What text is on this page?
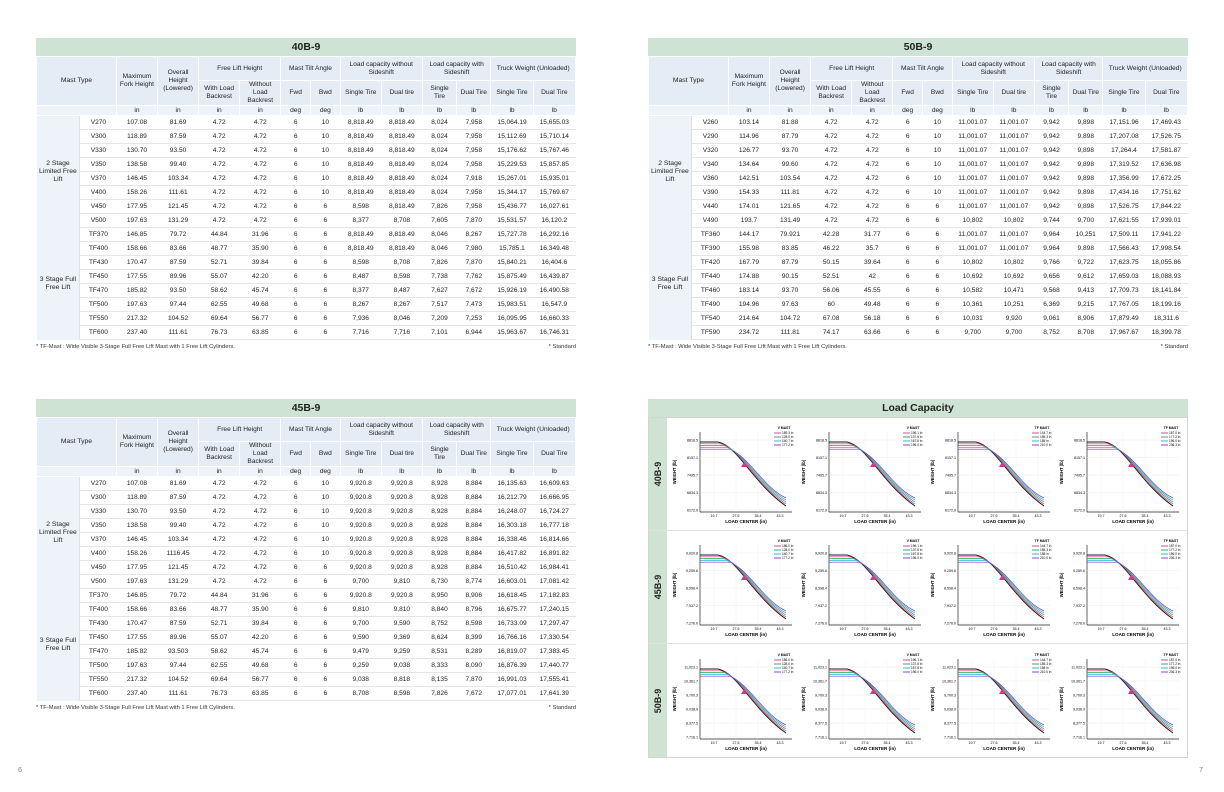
40B-9
Mast Type		Maximum Fork Height	Overall Height (Lowered)	Free Lift Height		Mast Tilt Angle		Load capacity without Sideshift		Load capacity with Sideshift		Truck Weight (Unloaded)	
				With Load Backrest	Without Load Backrest	Fwd	Bwd	Single Tire	Dual tire	Single Tire	Dual Tire	Single Tire	Dual Tire
		in	in	in	in	deg	deg	lb	lb	lb	lb	lb	lb
2 Stage Limited Free Lift	V270	107.08	81.69	4.72	4.72	6	10	8,818.49	8,818.49	8,024	7,958	15,064.19	15,655.03
	V300	118.89	87.59	4.72	4.72	6	10	8,818.49	8,818.49	8,024	7,958	15,112.69	15,710.14
	V330	130.70	93.50	4.72	4.72	6	10	8,818.49	8,818.49	8,024	7,958	15,176.62	15,767.46
	V350	138.58	99.40	4.72	4.72	6	10	8,818.49	8,818.49	8,024	7,958	15,229.53	15,857.85
	V370	146.45	103.34	4.72	4.72	6	10	8,818.49	8,818.49	8,024	7,918	15,267.01	15,935.01
	V400	158.26	111.61	4.72	4.72	6	10	8,818.49	8,818.49	8,024	7,958	15,344.17	15,769.67
	V450	177.95	121.45	4.72	4.72	6	6	8,598	8,818.49	7,826	7,958	15,436.77	16,027.61
	V500	197.63	131.29	4.72	4.72	6	6	8,377	8,708	7,605	7,870	15,531.57	16,120.2
3 Stage Full Free Lift	TF370	146.85	79.72	44.84	31.96	6	6	8,818.49	8,818.49	8,046	8,267	15,727.78	16,292.16
	TF400	158.66	83.66	48.77	35.90	6	6	8,818.49	8,818.49	8,046	7,980	15,785.1	16,349.48
	TF430	170.47	87.59	52.71	39.84	6	6	8,598	8,708	7,826	7,870	15,840.21	16,404.6
	TF450	177.55	89.96	55.07	42.20	6	6	8,487	8,598	7,738	7,762	15,875.49	16,439.87
	TF470	185.82	93.50	58.62	45.74	6	6	8,377	8,487	7,627	7,672	15,926.19	16,490.58
	TF500	197.63	97.44	62.55	49.68	6	6	8,267	8,267	7,517	7,473	15,983.51	16,547.9
	TF550	217.32	104.52	69.64	56.77	6	6	7,936	8,046	7,209	7,253	16,095.95	16,660.33
	TF600	237.40	111.61	76.73	63.85	6	6	7,716	7,716	7,101	6,944	15,963.67	16,746.31
* TF-Mast : Wide Visible 3-Stage Full Free Lift Mast with 1 Free Lift Cylinders.	* Standard
50B-9
Mast Type		Maximum Fork Height	Overall Height (Lowered)	Free Lift Height		Mast Tilt Angle		Load capacity without Sideshift		Load capacity with Sideshift		Truck Weight (Unloaded)	
				With Load Backrest	Without Load Backrest	Fwd	Bwd	Single Tire	Dual tire	Single Tire	Dual Tire	Single Tire	Dual Tire
		in	in	in	in	deg	deg	lb	lb	lb	lb	lb	lb
2 Stage Limited Free Lift	V260	103.14	81.88	4.72	4.72	6	10	11,001.07	11,001.07	9,942	9,898	17,151.96	17,469.43
	V290	114.96	87.79	4.72	4.72	6	10	11,001.07	11,001.07	9,942	9,898	17,207.08	17,526.75
	V320	126.77	93.70	4.72	4.72	6	10	11,001.07	11,001.07	9,942	9,898	17,264.4	17,581.87
	V340	134.64	99.60	4.72	4.72	6	10	11,001.07	11,001.07	9,942	9,898	17,319.52	17,636.98
	V360	142.51	103.54	4.72	4.72	6	10	11,001.07	11,001.07	9,942	9,898	17,356.99	17,672.25
	V390	154.33	111.81	4.72	4.72	6	10	11,001.07	11,001.07	9,942	9,898	17,434.16	17,751.62
	V440	174.01	121.65	4.72	4.72	6	6	11,001.07	11,001.07	9,942	9,898	17,526.75	17,844.22
	V490	193.7	131.49	4.72	4.72	6	6	10,802	10,802	9,744	9,700	17,621.55	17,939.01
3 Stage Full Free Lift	TF360	144.17	79.921	42.28	31.77	6	6	11,001.07	11,001.07	9,964	10,251	17,509.11	17,941.22
	TF390	155.98	83.85	46.22	35.7	6	6	11,001.07	11,001.07	9,964	9,898	17,566.43	17,998.54
	TF420	167.79	87.79	50.15	39.64	6	6	10,802	10,802	9,766	9,722	17,623.75	18,055.86
	TF440	174.88	90.15	52.51	42	6	6	10,692	10,692	9,656	9,612	17,659.03	18,088.93
	TF460	183.14	93.70	56.06	45.55	6	6	10,582	10,471	9,568	9,413	17,709.73	18,141.84
	TF490	194.96	97.63	60	49.48	6	6	10,361	10,251	6,369	9,215	17,767.05	18,199.16
	TF540	214.64	104.72	67.08	56.18	6	6	10,031	9,920	9,061	8,906	17,879.49	18,311.6
	TF590	234.72	111.81	74.17	63.66	6	6	9,700	9,700	8,752	8,708	17,967.67	18,399.78
* TF-Mast : Wide Visible 3-Stage Full Free Lift Mast with 1 Free Lift Cylinders.	* Standard
45B-9
Mast Type		Maximum Fork Height	Overall Height (Lowered)	Free Lift Height		Mast Tilt Angle		Load capacity without Sideshift		Load capacity with Sideshift		Truck Weight (Unloaded)	
				With Load Backrest	Without Load Backrest	Fwd	Bwd	Single Tire	Dual tire	Single Tire	Dual Tire	Single Tire	Dual Tire
		in	in	in	in	deg	deg	lb	lb	lb	lb	lb	lb
2 Stage Limited Free Lift	V270	107.08	81.69	4.72	4.72	6	10	9,920.8	9,920.8	8,928	8,884	16,135.63	16,609.63
	V300	118.89	87.59	4.72	4.72	6	10	9,920.8	9,920.8	8,928	8,884	16,212.79	16,666.95
	V330	130.70	93.50	4.72	4.72	6	10	9,920.8	9,920.8	8,928	8,884	16,248.07	16,724.27
	V350	138.58	99.40	4.72	4.72	6	10	9,920.8	9,920.8	8,928	8,884	16,303.18	16,777.18
	V370	146.45	103.34	4.72	4.72	6	10	9,920.8	9,920.8	8,928	8,884	16,338.46	16,814.66
	V400	158.26	1116.45	4.72	4.72	6	10	9,920.8	9,920.8	8,928	8,884	16,417.82	16,891.82
	V450	177.95	121.45	4.72	4.72	6	6	9,920.8	9,920.8	8,928	8,884	16,510.42	16,984.41
	V500	197.63	131.29	4.72	4.72	6	6	9,700	9,810	8,730	8,774	16,603.01	17,081.42
3 Stage Full Free Lift	TF370	146.85	79.72	44.84	31.96	6	6	9,920.8	9,920.8	8,950	8,906	16,618.45	17,182.83
	TF400	158.66	83.66	48.77	35.90	6	6	9,810	9,810	8,840	8,796	16,675.77	17,240.15
	TF430	170.47	87.59	52.71	39.84	6	6	9,700	9,590	8,752	8,598	16,733.09	17,297.47
	TF450	177.55	89.96	55.07	42.20	6	6	9,590	9,369	8,624	8,399	16,766.16	17,330.54
	TF470	185.82	93.503	58.62	45.74	6	6	9,479	9,259	8,531	8,289	16,819.07	17,383.45
	TF500	197.63	97.44	62.55	49.68	6	6	9,259	9,038	8,333	8,090	16,876.39	17,440.77
	TF550	217.32	104.52	69.64	56.77	6	6	9,038	8,818	8,135	7,870	16,991.03	17,555.41
	TF600	237.40	111.61	76.73	63.85	6	6	8,708	8,598	7,826	7,672	17,077.01	17,641.39
* TF-Mast : Wide Visible 3-Stage Full Free Lift Mast with 1 Free Lift Cylinders.	* Standard
Load Capacity
40B-9
8818.5
8157.1
7495.7
6834.3
6172.9
19.7	27.6	35.4	43.3
LOAD CENTER (in)
WEIGHT (lb)
V MAST
189.3 in
128.0 in
140.7 in
177.2 in
8818.5
8157.1
7495.7
6834.3
6172.9
19.7	27.6	35.4	43.3
LOAD CENTER (in)
WEIGHT (lb)
V MAST
196.1 in
137.8 in
167.8 in
196.0 in
8818.5
8157.1
7495.7
6834.3
6172.9
19.7	27.6	35.4	43.3
LOAD CENTER (in)
WEIGHT (lb)
TF MAST
144.7 in
185.3 in
185 in
210.0 in
8818.5
8157.1
7495.7
6834.3
6172.9
19.7	27.6	35.4	43.3
LOAD CENTER (in)
WEIGHT (lb)
TF MAST
187.0 in
177.2 in
196.0 in
236.3 in
45B-9
9,920.8
9,259.6
8,598.4
7,937.2
7,276.0
19.7	27.6	35.4	43.3
LOAD CENTER (in)
WEIGHT (lb)
V MAST
186.0 in
128.0 in
140.7 in
177.2 in
9,920.8
9,259.6
8,598.4
7,937.2
7,276.0
19.7	27.6	35.4	43.3
LOAD CENTER (in)
WEIGHT (lb)
V MAST
196.1 in
137.8 in
167.8 in
196.0 in
9,920.8
9,259.6
8,598.4
7,937.2
7,276.0
19.7	27.6	35.4	43.3
LOAD CENTER (in)
WEIGHT (lb)
TF MAST
144.7 in
185.3 in
158 in
210.0 in
9,920.8
9,259.6
8,598.4
7,937.2
7,276.0
19.7	27.6	35.4	43.3
LOAD CENTER (in)
WEIGHT (lb)
TF MAST
187.0 in
177.2 in
196.0 in
236.3 in
50B-9
11,023.1
10,361.7
9,700.3
9,038.9
8,377.5
7,716.1
19.7	27.6	35.4	43.3
LOAD CENTER (in)
WEIGHT (lb)
V MAST
186.0 in
128.0 in
140.7 in
177.2 in
11,023.1
10,361.7
9,700.3
9,038.9
8,377.5
7,716.1
19.7	27.6	35.4	43.3
LOAD CENTER (in)
WEIGHT (lb)
V MAST
196.1 in
137.8 in
167.8 in
196.0 in
11,023.1
10,361.7
9,700.3
9,038.9
8,377.5
7,716.1
19.7	27.6	35.4	43.3
LOAD CENTER (in)
WEIGHT (lb)
TF MAST
144.7 in
185.3 in
158 in
210.0 in
11,023.1
10,361.7
9,700.3
9,038.9
8,377.5
7,716.1
19.7	27.6	35.4	43.3
LOAD CENTER (in)
WEIGHT (lb)
TF MAST
187.0 in
177.2 in
196.0 in
236.3 in
6	7
